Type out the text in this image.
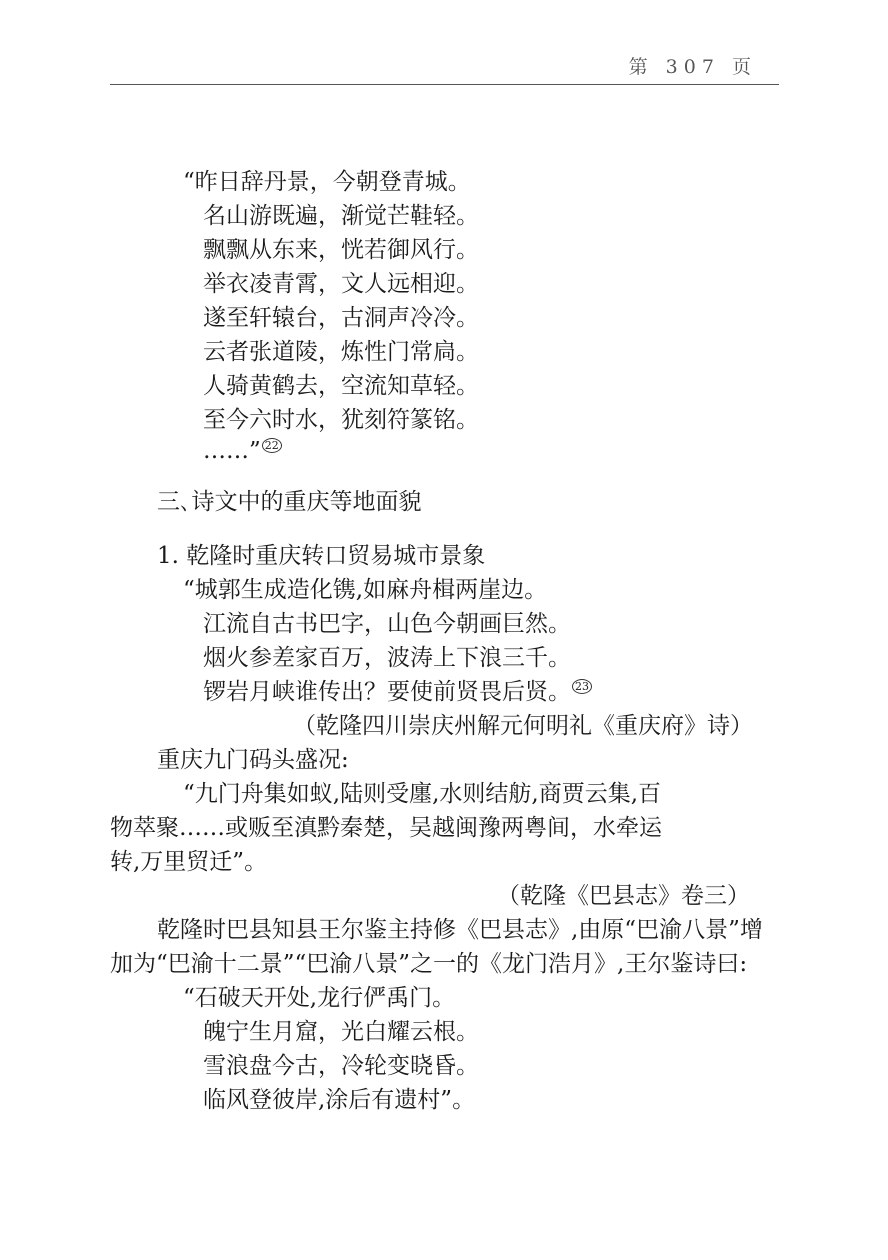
第 307 页
“昨日辞丹景，今朝登青城。
名山游既遍，渐觉芒鞋轻。
飘飘从东来，恍若御风行。
举衣凌青霄，文人远相迎。
遂至轩辕台，古洞声冷冷。
云者张道陵，炼性门常扃。
人骑黄鹤去，空流知草轻。
至今六时水，犹刻符篆铭。
……” $^{22}$
三､诗文中的重庆等地面貌
1. 乾隆时重庆转口贸易城市景象
“城郭生成造化镌,如麻舟楫两崖边。
江流自古书巴字，山色今朝画巨然。
烟火参差家百万，波涛上下浪三千。
锣岩月峡谁传出？要使前贤畏后贤。 $^{23}$
（乾隆四川崇庆州解元何明礼《重庆府》诗）
重庆九门码头盛况:
“九门舟集如蚁,陆则受廛,水则结舫,商贾云集,百
物萃聚……或贩至滇黔秦楚，吴越闽豫两粤间，水牵运
转,万里贸迁”。
（乾隆《巴县志》卷三）
乾隆时巴县知县王尔鉴主持修《巴县志》,由原“巴渝八景”增
加为“巴渝十二景”“巴渝八景”之一的《龙门浩月》,王尔鉴诗曰:
“石破天开处,龙行俨禹门。
魄宁生月窟，光白耀云根。
雪浪盘今古，冷轮变晓昏。
临风登彼岸,涂后有遗村”。
